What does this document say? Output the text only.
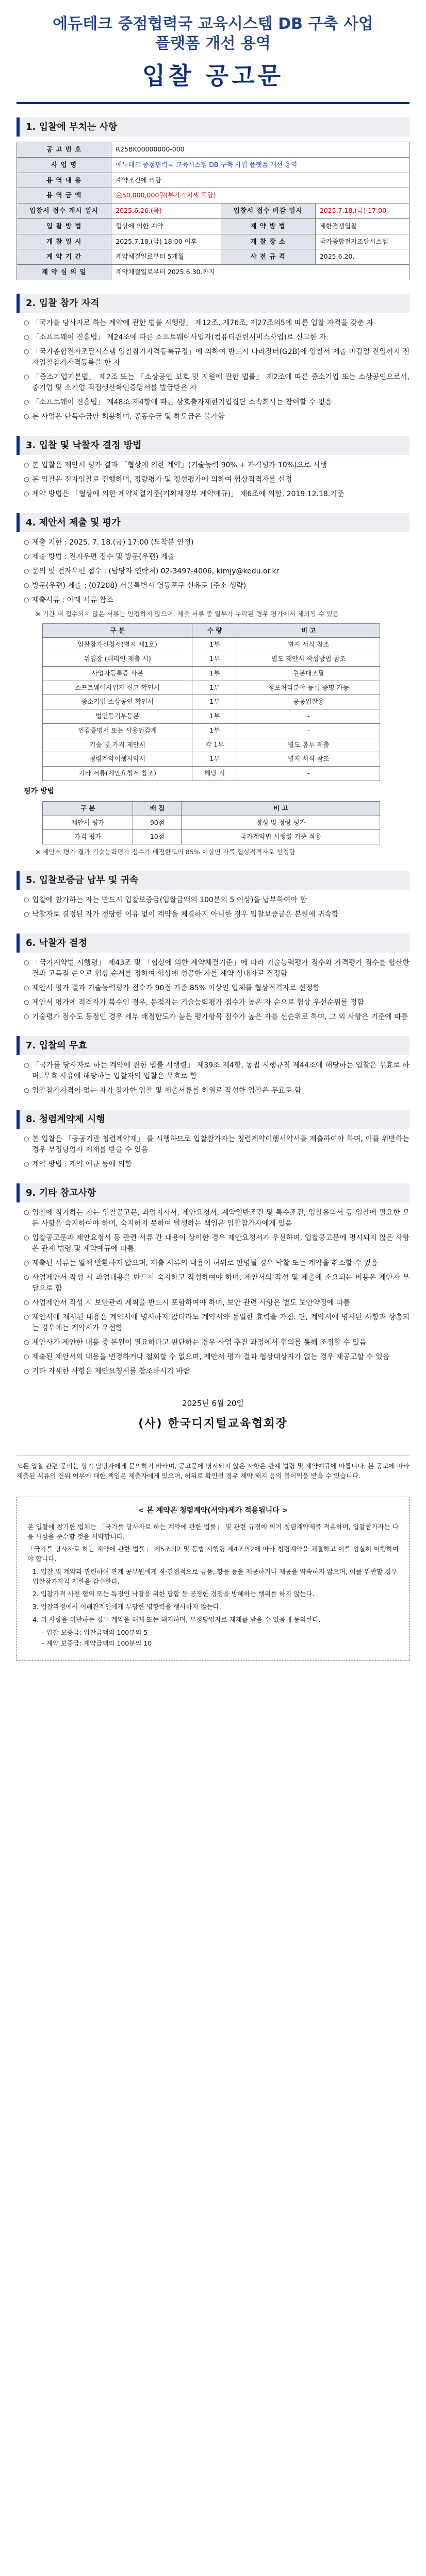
에듀테크 중점협력국 교육시스템 DB 구축 사업
플랫폼 개선 용역
입찰 공고문
1. 입찰에 부치는 사항
공 고 번 호	R25BK00000000-000		
사 업 명	에듀테크 중점협력국 교육시스템 DB 구축 사업 플랫폼 개선 용역		
용 역 내 용	계약조건에 의함		
용 역 금 액	金50,000,000원(부가가치세 포함)		
입찰서 접수 개시 일시	2025.6.26.(목)	입찰서 접수 마감 일시	2025.7.18.(금) 17:00
입 찰 방 법	협상에 의한 계약	계 약 방 법	제한경쟁입찰
개 찰 일 시	2025.7.18.(금) 18:00 이후	개 찰 장 소	국가종합전자조달시스템
계 약 기 간	계약체결일로부터 5개월	사 전 규 격	2025.6.20.
계 약 심 의 일	계약체결일로부터 2025.6.30.까지		
2. 입찰 참가 자격
○ 「국가를 당사자로 하는 계약에 관한 법률 시행령」 제12조, 제76조, 제27조의5에 따른 입찰 자격을 갖춘 자
○ 「소프트웨어 진흥법」 제24조에 따른 소프트웨어사업자(컴퓨터관련서비스사업)로 신고한 자
○ 「국가종합전자조달시스템 입찰참가자격등록규정」에 의하여 반드시 나라장터(G2B)에 입찰서 제출 마감일 전일까지 전자입찰참가자격등록을 한 자
○ 「중소기업기본법」 제2조 또는 「소상공인 보호 및 지원에 관한 법률」 제2조에 따른 중소기업 또는 소상공인으로서, 중기업 및 소기업 직접생산확인증명서를 발급받은 자
○ 「소프트웨어 진흥법」 제48조 제4항에 따른 상호출자제한기업집단 소속회사는 참여할 수 없음
○ 본 사업은 단독수급만 허용하며, 공동수급 및 하도급은 불가함
3. 입찰 및 낙찰자 결정 방법
○ 본 입찰은 제안서 평가 결과 「협상에 의한 계약」(기술능력 90% + 가격평가 10%)으로 시행
○ 본 입찰은 전자입찰로 진행하며, 정량평가 및 정성평가에 의하여 협상적격자를 선정
○ 계약 방법은 「협상에 의한 계약체결기준(기획재정부 계약예규)」 제6조에 의함, 2019.12.18.기준
4. 제안서 제출 및 평가
○ 제출 기한 : 2025. 7. 18.(금) 17:00 (도착분 인정)
○ 제출 방법 : 전자우편 접수 및 방문(우편) 제출
○ 문의 및 전자우편 접수 : (담당자 연락처) 02-3497-4006, kimjy@kedu.or.kr
○ 방문(우편) 제출 : (07208) 서울특별시 영등포구 선유로 (주소 생략)
○ 제출서류 : 아래 서류 참조
※ 기간 내 접수되지 않은 서류는 인정하지 않으며, 제출 서류 중 일부가 누락된 경우 평가에서 제외될 수 있음
구 분	수 량	비 고
입찰참가신청서(별지 제1호)	1부	별지 서식 참조
위임장 (대리인 제출 시)	1부	별도 제안서 작성방법 참조
사업자등록증 사본	1부	원본대조필
소프트웨어사업자 신고 확인서	1부	정보처리분야 등록 증명 가능
중소기업 소상공인 확인서	1부	공공입찰용
법인등기부등본	1부	-
인감증명서 또는 사용인감계	1부	-
기술 및 가격 제안서	각 1부	별도 봉투 제출
청렴계약이행서약서	1부	별지 서식 참조
기타 서류(제안요청서 참조)	해당 시	-
평가 방법
구 분	배 점	비 고
제안서 평가	90점	정성 및 정량 평가
가격 평가	10점	국가계약법 시행령 기준 적용
※ 제안서 평가 결과 기술능력평가 점수가 배점한도의 85% 이상인 자를 협상적격자로 선정함
5. 입찰보증금 납부 및 귀속
○ 입찰에 참가하는 자는 반드시 입찰보증금(입찰금액의 100분의 5 이상)을 납부하여야 함
○ 낙찰자로 결정된 자가 정당한 이유 없이 계약을 체결하지 아니한 경우 입찰보증금은 본원에 귀속함
6. 낙찰자 결정
○ 「국가계약법 시행령」 제43조 및 「협상에 의한 계약체결기준」에 따라 기술능력평가 점수와 가격평가 점수를 합산한 결과 고득점 순으로 협상 순서를 정하여 협상에 성공한 자를 계약 상대자로 결정함
○ 제안서 평가 결과 기술능력평가 점수가 90점 기준 85% 이상인 업체를 협상적격자로 선정함
○ 제안서 평가에 적격자가 복수인 경우, 동점자는 기술능력평가 점수가 높은 자 순으로 협상 우선순위를 정함
○ 기술평가 점수도 동점인 경우 세부 배점한도가 높은 평가항목 점수가 높은 자를 선순위로 하며, 그 외 사항은 기준에 따름
7. 입찰의 무효
○ 「국가를 당사자로 하는 계약에 관한 법률 시행령」 제39조 제4항, 동법 시행규칙 제44조에 해당하는 입찰은 무효로 하며, 무효 사유에 해당하는 입찰자의 입찰은 무효로 함
○ 입찰참가자격이 없는 자가 참가한 입찰 및 제출서류를 허위로 작성한 입찰은 무효로 함
8. 청렴계약제 시행
○ 본 입찰은 「공공기관 청렴계약제」 를 시행하므로 입찰참가자는 청렴계약이행서약서를 제출하여야 하며, 이를 위반하는 경우 부정당업자 제재를 받을 수 있음
○ 계약 방법 : 계약 예규 등에 의함
9. 기타 참고사항
○ 입찰에 참가하는 자는 입찰공고문, 과업지시서, 제안요청서, 계약일반조건 및 특수조건, 입찰유의서 등 입찰에 필요한 모든 사항을 숙지하여야 하며, 숙지하지 못하여 발생하는 책임은 입찰참가자에게 있음
○ 입찰공고문과 제안요청서 등 관련 서류 간 내용이 상이한 경우 제안요청서가 우선하며, 입찰공고문에 명시되지 않은 사항은 관계 법령 및 계약예규에 따름
○ 제출된 서류는 일체 반환하지 않으며, 제출 서류의 내용이 허위로 판명될 경우 낙찰 또는 계약을 취소할 수 있음
○ 사업제안서 작성 시 과업내용을 반드시 숙지하고 작성하여야 하며, 제안서의 작성 및 제출에 소요되는 비용은 제안자 부담으로 함
○ 사업제안서 작성 시 보안관리 계획을 반드시 포함하여야 하며, 보안 관련 사항은 별도 보안약정에 따름
○ 제안서에 제시된 내용은 계약서에 명시하지 않더라도 계약서와 동일한 효력을 가짐. 단, 계약서에 명시된 사항과 상충되는 경우에는 계약서가 우선함
○ 제안사가 제안한 내용 중 본원이 필요하다고 판단하는 경우 사업 추진 과정에서 협의를 통해 조정할 수 있음
○ 제출된 제안서의 내용을 변경하거나 철회할 수 없으며, 제안서 평가 결과 협상대상자가 없는 경우 재공고할 수 있음
○ 기타 자세한 사항은 제안요청서를 참조하시기 바람
2025년 6월 20일
(사) 한국디지털교육협회장
모든 입찰 관련 문의는 상기 담당자에게 문의하기 바라며, 공고문에 명시되지 않은 사항은 관계 법령 및 계약예규에 따릅니다. 본 공고에 따라 제출된 서류의 진위 여부에 대한 책임은 제출자에게 있으며, 허위로 확인될 경우 계약 해지 등의 불이익을 받을 수 있습니다.
< 본 계약은 청렴계약(서약)제가 적용됩니다 >

본 입찰에 참가한 업체는 「국가를 당사자로 하는 계약에 관한 법률」 및 관련 규정에 의거 청렴계약제를 적용하며, 입찰참가자는 다음 사항을 준수할 것을 서약합니다.

「국가를 당사자로 하는 계약에 관한 법률」 제5조의2 및 동법 시행령 제4조의2에 따라 청렴계약을 체결하고 이를 성실히 이행하여야 합니다.

1. 입찰 및 계약과 관련하여 관계 공무원에게 직·간접적으로 금품, 향응 등을 제공하거나 제공을 약속하지 않으며, 이를 위반할 경우 입찰참가자격 제한을 감수한다.
2. 입찰가격 사전 협의 또는 특정인 낙찰을 위한 담합 등 공정한 경쟁을 방해하는 행위를 하지 않는다.
3. 입찰과정에서 이해관계인에게 부당한 영향력을 행사하지 않는다.
4. 위 사항을 위반하는 경우 계약을 해제 또는 해지하며, 부정당업자로 제재를 받을 수 있음에 동의한다.
- 입찰 보증금: 입찰금액의 100분의 5
- 계약 보증금: 계약금액의 100분의 10
